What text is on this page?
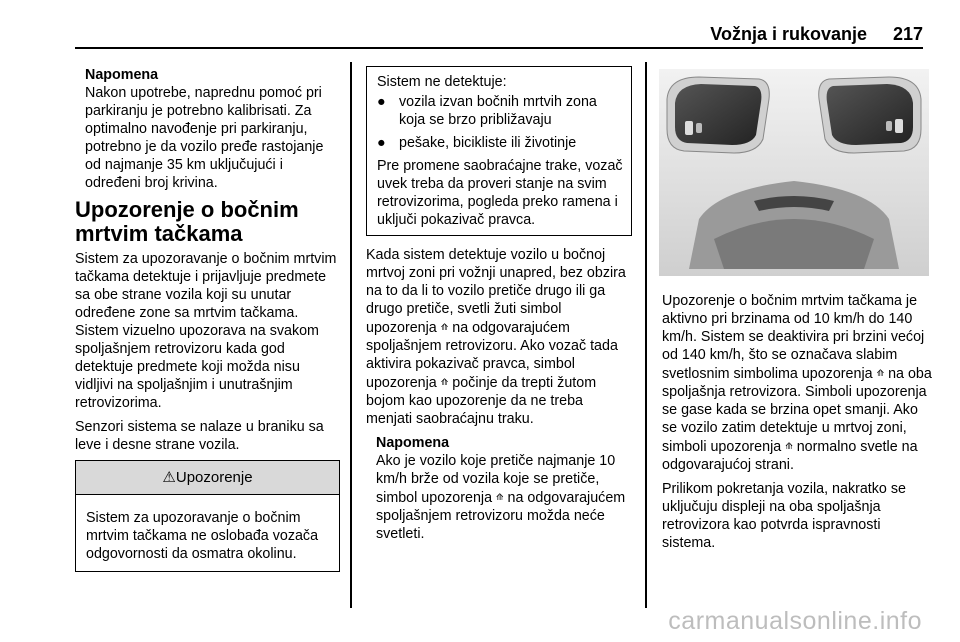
Vožnja i rukovanje 217
Napomena

Nakon upotrebe, naprednu pomoć pri parkiranju je potrebno kalibrisati. Za optimalno navođenje pri parkiranju, potrebno je da vozilo pređe rastojanje od najmanje 35 km uključujući i određeni broj krivina.

Upozorenje o bočnim mrtvim tačkama

Sistem za upozoravanje o bočnim mrtvim tačkama detektuje i prijavljuje predmete sa obe strane vozila koji su unutar određene zone sa mrtvim tačkama. Sistem vizuelno upozorava na svakom spoljašnjem retrovizoru kada god detektuje predmete koji možda nisu vidljivi na spoljašnjim i unutrašnjim retrovizorima.

Senzori sistema se nalaze u braniku sa leve i desne strane vozila.

⚠Upozorenje
Sistem za upozoravanje o bočnim mrtvim tačkama ne oslobađa vozača odgovornosti da osmatra okolinu.
Sistem ne detektuje:
● vozila izvan bočnih mrtvih zona koja se brzo približavaju
● pešake, bicikliste ili životinje
Pre promene saobraćajne trake, vozač uvek treba da proveri stanje na svim retrovizorima, pogleda preko ramena i uključi pokazivač pravca.

Kada sistem detektuje vozilo u bočnoj mrtvoj zoni pri vožnji unapred, bez obzira na to da li to vozilo pretiče drugo ili ga drugo pretiče, svetli žuti simbol upozorenja ⟰ na odgovarajućem spoljašnjem retrovizoru. Ako vozač tada aktivira pokazivač pravca, simbol upozorenja ⟰ počinje da trepti žutom bojom kao upozorenje da ne treba menjati saobraćajnu traku.

Napomena
Ako je vozilo koje pretiče najmanje 10 km/h brže od vozila koje se pretiče, simbol upozorenja ⟰ na odgovarajućem spoljašnjem retrovizoru možda neće svetleti.

Upozorenje o bočnim mrtvim tačkama je aktivno pri brzinama od 10 km/h do 140 km/h. Sistem se deaktivira pri brzini većoj od 140 km/h, što se označava slabim svetlosnim simbolima upozorenja ⟰ na oba spoljašnja retrovizora. Simboli upozorenja se gase kada se brzina opet smanji. Ako se vozilo zatim detektuje u mrtvoj zoni, simboli upozorenja ⟰ normalno svetle na odgovarajućoj strani.

Prilikom pokretanja vozila, nakratko se uključuju displeji na oba spoljašnja retrovizora kao potvrda ispravnosti sistema.

carmanualsonline.info
